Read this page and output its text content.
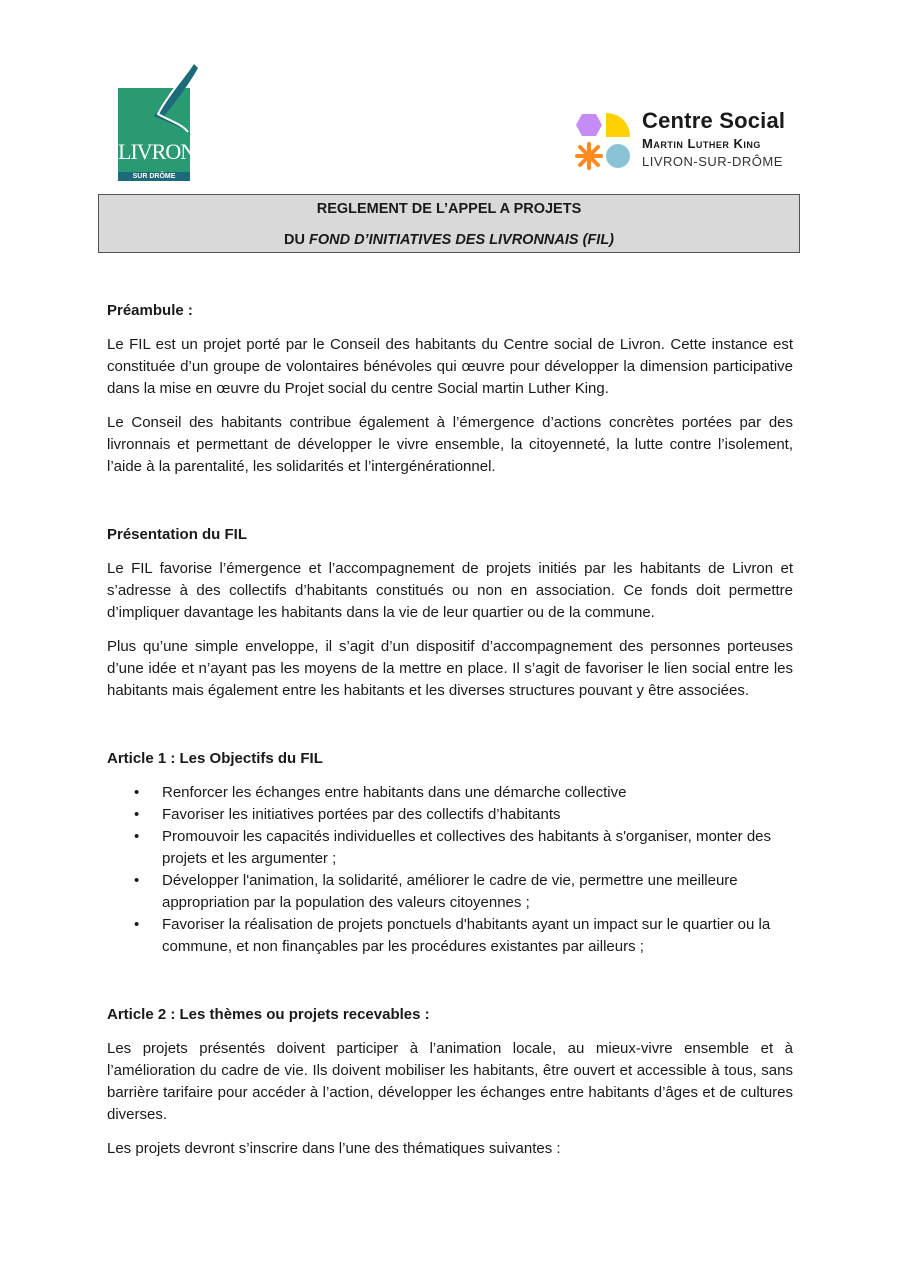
LIVRON
SUR DRÔME
Centre Social
Martin Luther King
LIVRON-SUR-DRÔME
REGLEMENT DE L’APPEL A PROJETS
DU FOND D’INITIATIVES DES LIVRONNAIS (FIL)
Préambule :

Le FIL est un projet porté par le Conseil des habitants du Centre social de Livron. Cette instance est constituée d’un groupe de volontaires bénévoles qui œuvre pour développer la dimension participative dans la mise en œuvre du Projet social du centre Social martin Luther King.

Le Conseil des habitants contribue également à l’émergence d’actions concrètes portées par des livronnais et permettant de développer le vivre ensemble, la citoyenneté, la lutte contre l’isolement, l’aide à la parentalité, les solidarités et l’intergénérationnel.

Présentation du FIL

Le FIL favorise l’émergence et l’accompagnement de projets initiés par les habitants de Livron et s’adresse à des collectifs d’habitants constitués ou non en association. Ce fonds doit permettre d’impliquer davantage les habitants dans la vie de leur quartier ou de la commune.

Plus qu’une simple enveloppe, il s’agit d’un dispositif d’accompagnement des personnes porteuses d’une idée et n’ayant pas les moyens de la mettre en place. Il s’agit de favoriser le lien social entre les habitants mais également entre les habitants et les diverses structures pouvant y être associées.

Article 1 : Les Objectifs du FIL
• Renforcer les échanges entre habitants dans une démarche collective
• Favoriser les initiatives portées par des collectifs d’habitants
• Promouvoir les capacités individuelles et collectives des habitants à s'organiser, monter des projets et les argumenter ;
• Développer l'animation, la solidarité, améliorer le cadre de vie, permettre une meilleure appropriation par la population des valeurs citoyennes ;
• Favoriser la réalisation de projets ponctuels d'habitants ayant un impact sur le quartier ou la commune, et non finançables par les procédures existantes par ailleurs ;
Article 2 : Les thèmes ou projets recevables :

Les projets présentés doivent participer à l’animation locale, au mieux-vivre ensemble et à l’amélioration du cadre de vie. Ils doivent mobiliser les habitants, être ouvert et accessible à tous, sans barrière tarifaire pour accéder à l’action, développer les échanges entre habitants d’âges et de cultures diverses.

Les projets devront s’inscrire dans l’une des thématiques suivantes :
